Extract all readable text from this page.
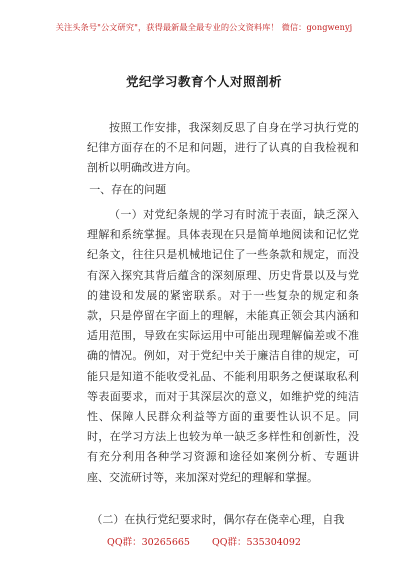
关注头条号"公文研究"，获得最新最全最专业的公文资料库！ 微信：gongwenyj
党纪学习教育个人对照剖析
按照工作安排，我深刻反思了自身在学习执行党的纪律方面存在的不足和问题，进行了认真的自我检视和剖析以明确改进方向。
一、存在的问题
（一）对党纪条规的学习有时流于表面，缺乏深入理解和系统掌握。具体表现在只是简单地阅读和记忆党纪条文，往往只是机械地记住了一些条款和规定，而没有深入探究其背后蕴含的深刻原理、历史背景以及与党的建设和发展的紧密联系。对于一些复杂的规定和条款，只是停留在字面上的理解，未能真正领会其内涵和适用范围，导致在实际运用中可能出现理解偏差或不准确的情况。例如，对于党纪中关于廉洁自律的规定，可能只是知道不能收受礼品、不能利用职务之便谋取私利等表面要求，而对于其深层次的意义，如维护党的纯洁性、保障人民群众利益等方面的重要性认识不足。同时，在学习方法上也较为单一缺乏多样性和创新性，没有充分利用各种学习资源和途径如案例分析、专题讲座、交流研讨等，来加深对党纪的理解和掌握。
（二）在执行党纪要求时，偶尔存在侥幸心理，自我
QQ群：30265665 QQ群：535304092
